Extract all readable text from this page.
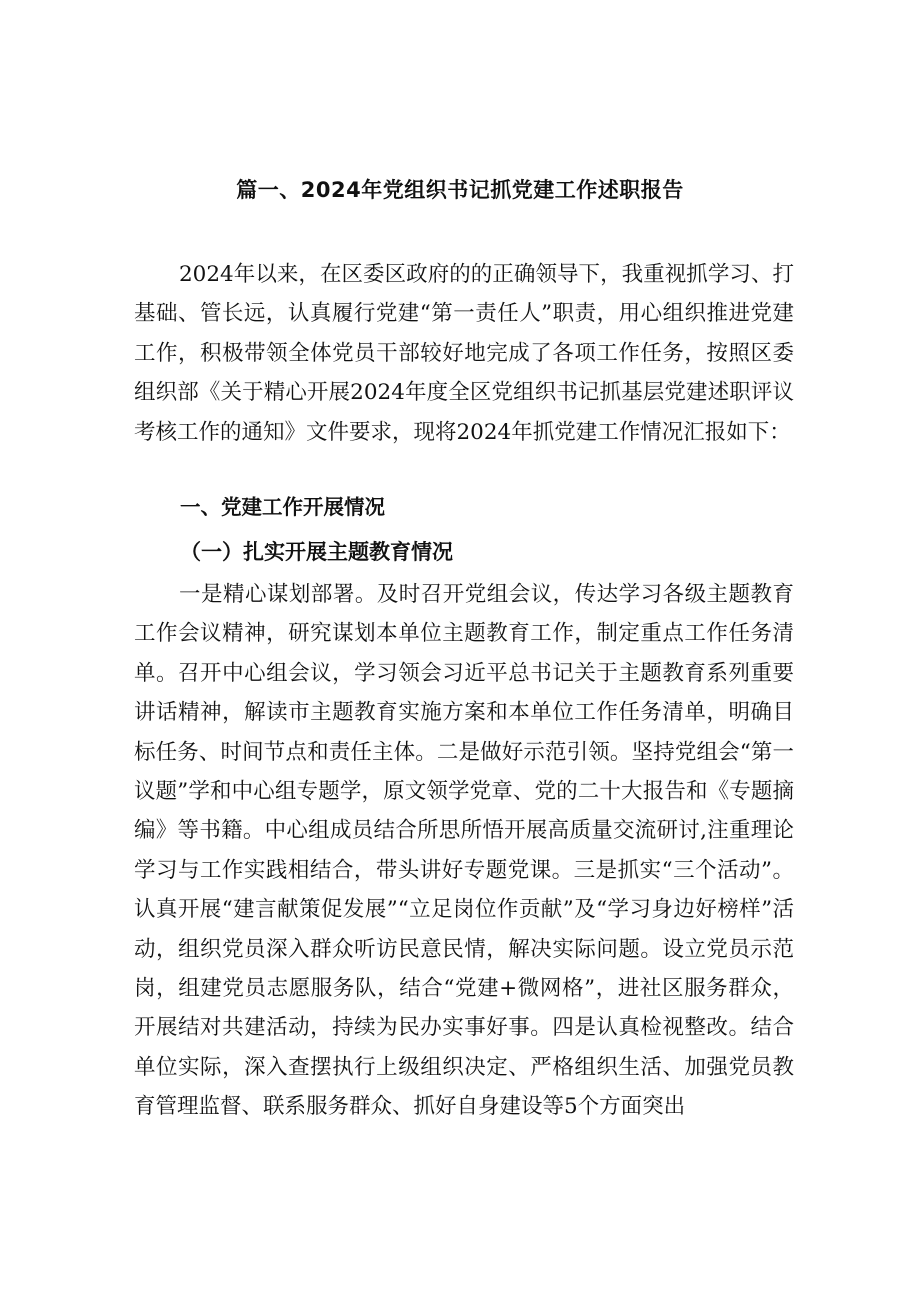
篇一、2024年党组织书记抓党建工作述职报告

2024年以来，在区委区政府的的正确领导下，我重视抓学习、打基础、管长远，认真履行党建“第一责任人”职责，用心组织推进党建工作，积极带领全体党员干部较好地完成了各项工作任务，按照区委组织部《关于精心开展2024年度全区党组织书记抓基层党建述职评议考核工作的通知》文件要求，现将2024年抓党建工作情况汇报如下：

一、党建工作开展情况
（一）扎实开展主题教育情况

一是精心谋划部署。及时召开党组会议，传达学习各级主题教育工作会议精神，研究谋划本单位主题教育工作，制定重点工作任务清单。召开中心组会议，学习领会习近平总书记关于主题教育系列重要讲话精神，解读市主题教育实施方案和本单位工作任务清单，明确目标任务、时间节点和责任主体。二是做好示范引领。坚持党组会“第一议题”学和中心组专题学，原文领学党章、党的二十大报告和《专题摘编》等书籍。中心组成员结合所思所悟开展高质量交流研讨,注重理论学习与工作实践相结合，带头讲好专题党课。三是抓实“三个活动”。认真开展“建言献策促发展”“立足岗位作贡献”及“学习身边好榜样”活动，组织党员深入群众听访民意民情，解决实际问题。设立党员示范岗，组建党员志愿服务队，结合“党建+微网格”，进社区服务群众，开展结对共建活动，持续为民办实事好事。四是认真检视整改。结合单位实际，深入查摆执行上级组织决定、严格组织生活、加强党员教育管理监督、联系服务群众、抓好自身建设等5个方面突出
